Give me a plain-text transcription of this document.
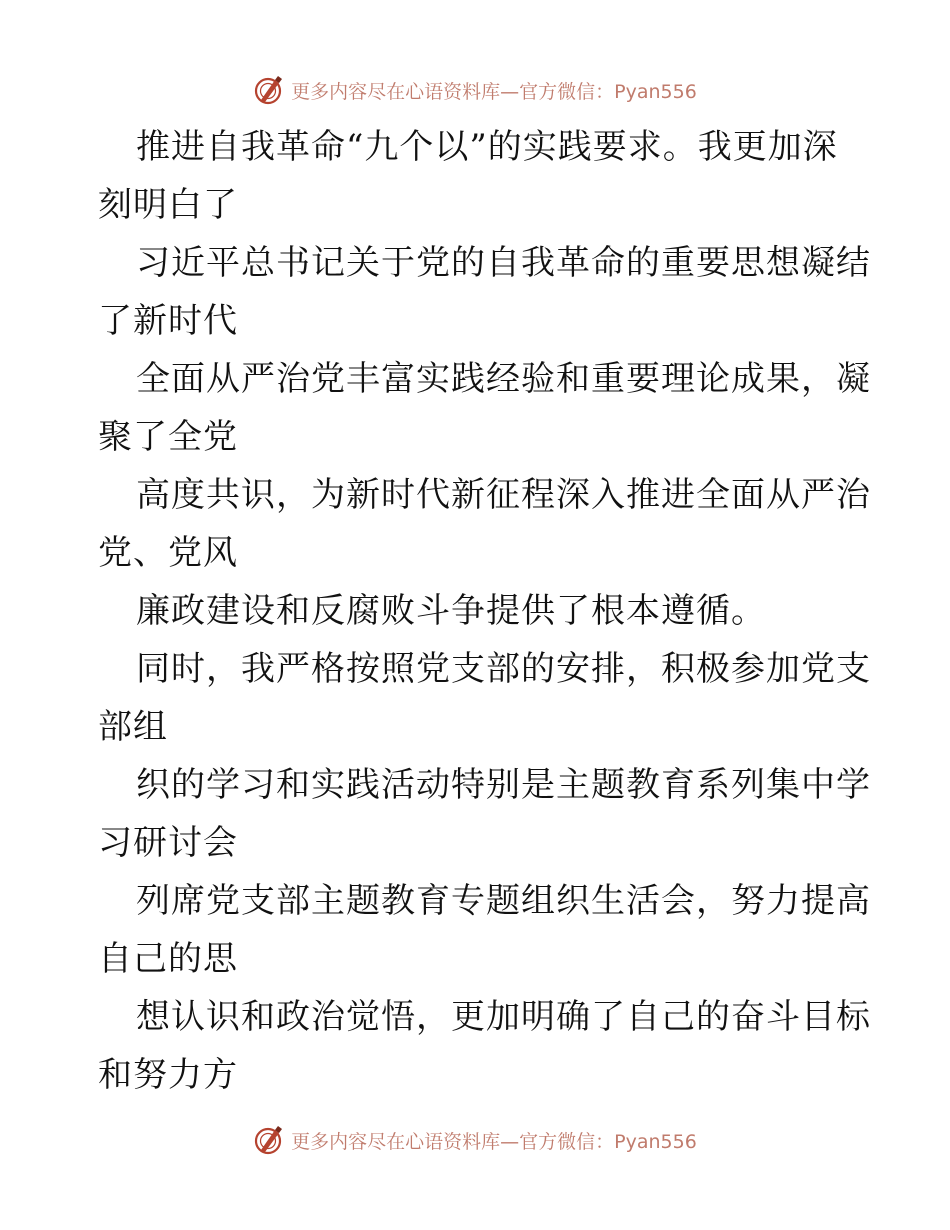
更多内容尽在心语资料库—官方微信：Pyan556
推进自我革命“九个以”的实践要求。我更加深
刻明白了
习近平总书记关于党的自我革命的重要思想凝结
了新时代
全面从严治党丰富实践经验和重要理论成果，凝
聚了全党
高度共识，为新时代新征程深入推进全面从严治
党、党风
廉政建设和反腐败斗争提供了根本遵循。
同时，我严格按照党支部的安排，积极参加党支
部组
织的学习和实践活动特别是主题教育系列集中学
习研讨会
列席党支部主题教育专题组织生活会，努力提高
自己的思
想认识和政治觉悟，更加明确了自己的奋斗目标
和努力方
更多内容尽在心语资料库—官方微信：Pyan556
